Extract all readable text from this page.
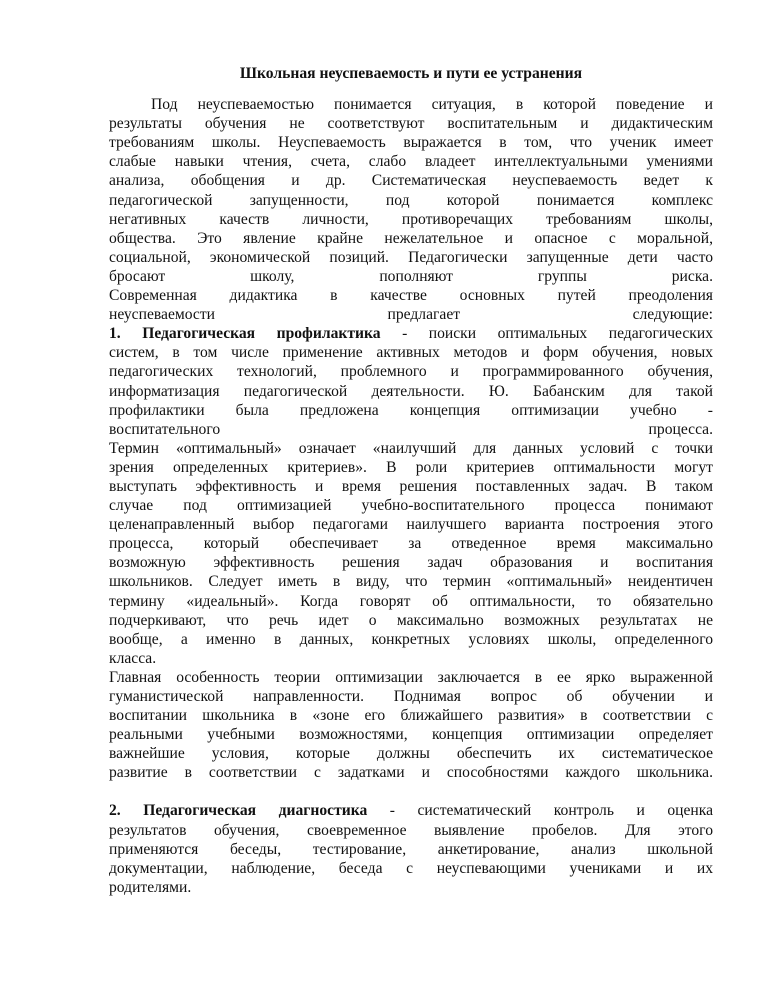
Школьная неуспеваемость и пути ее устранения
Под неуспеваемостью понимается ситуация, в которой поведение и
результаты обучения не соответствуют воспитательным и дидактическим
требованиям школы. Неуспеваемость выражается в том, что ученик имеет
слабые навыки чтения, счета, слабо владеет интеллектуальными умениями
анализа, обобщения и др. Систематическая неуспеваемость ведет к
педагогической запущенности, под которой понимается комплекс
негативных качеств личности, противоречащих требованиям школы,
общества. Это явление крайне нежелательное и опасное с моральной,
социальной, экономической позиций. Педагогически запущенные дети часто
бросают школу, пополняют группы риска.
Современная дидактика в качестве основных путей преодоления
неуспеваемости предлагает следующие:
1. Педагогическая профилактика - поиски оптимальных педагогических
систем, в том числе применение активных методов и форм обучения, новых
педагогических технологий, проблемного и программированного обучения,
информатизация педагогической деятельности. Ю. Бабанским для такой
профилактики была предложена концепция оптимизации учебно -
воспитательного процесса.
Термин «оптимальный» означает «наилучший для данных условий с точки
зрения определенных критериев». В роли критериев оптимальности могут
выступать эффективность и время решения поставленных задач. В таком
случае под оптимизацией учебно-воспитательного процесса понимают
целенаправленный выбор педагогами наилучшего варианта построения этого
процесса, который обеспечивает за отведенное время максимально
возможную эффективность решения задач образования и воспитания
школьников. Следует иметь в виду, что термин «оптимальный» неидентичен
термину «идеальный». Когда говорят об оптимальности, то обязательно
подчеркивают, что речь идет о максимально возможных результатах не
вообще, а именно в данных, конкретных условиях школы, определенного
класса.
Главная особенность теории оптимизации заключается в ее ярко выраженной
гуманистической направленности. Поднимая вопрос об обучении и
воспитании школьника в «зоне его ближайшего развития» в соответствии с
реальными учебными возможностями, концепция оптимизации определяет
важнейшие условия, которые должны обеспечить их систематическое
развитие в соответствии с задатками и способностями каждого школьника.
2. Педагогическая диагностика - систематический контроль и оценка
результатов обучения, своевременное выявление пробелов. Для этого
применяются беседы, тестирование, анкетирование, анализ школьной
документации, наблюдение, беседа с неуспевающими учениками и их
родителями.
